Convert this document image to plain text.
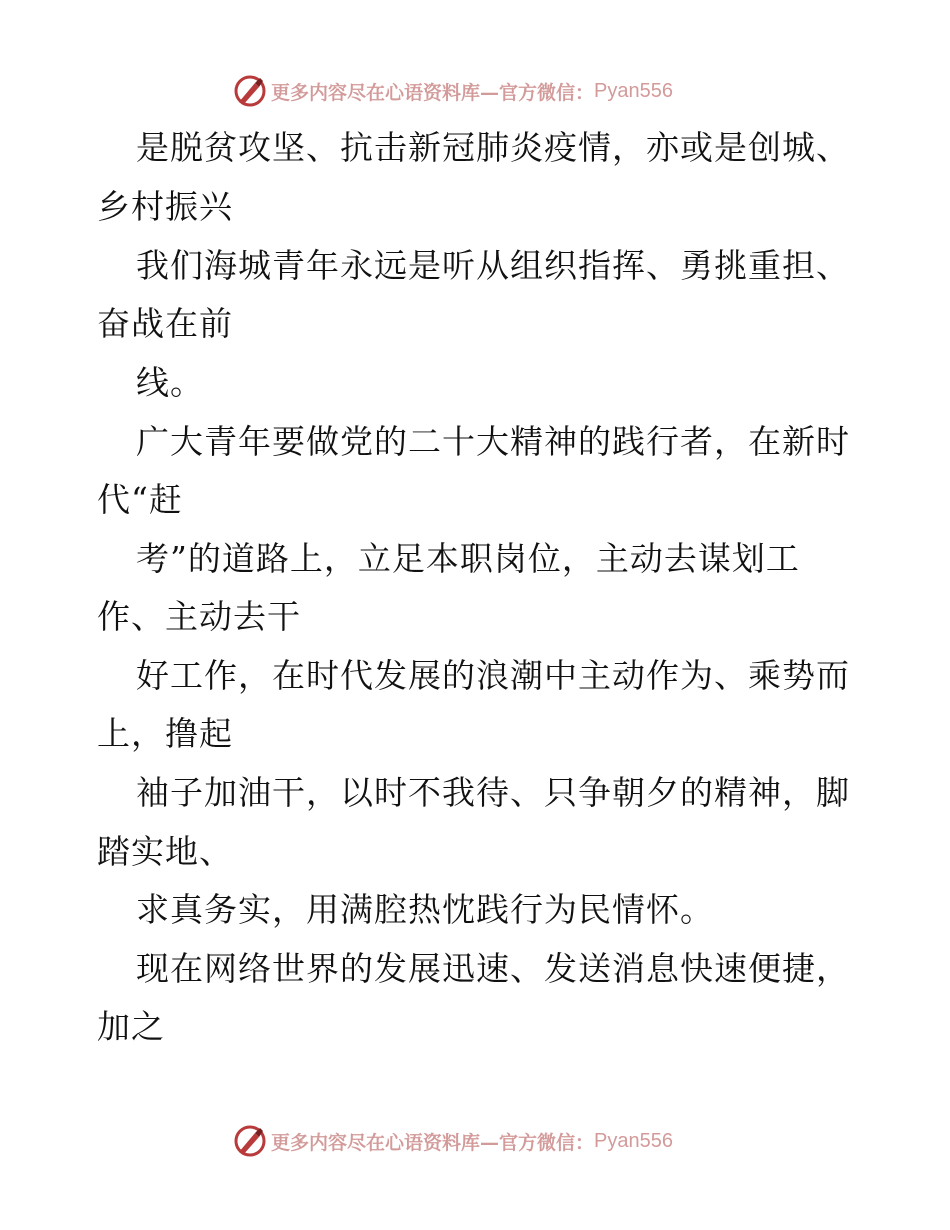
更多内容尽在心语资料库 —官方微信： Pyan556
是脱贫攻坚、抗击新冠肺炎疫情，亦或是创城、
乡村振兴
我们海城青年永远是听从组织指挥、勇挑重担、
奋战在前
线。
广大青年要做党的二十大精神的践行者，在新时
代“赶
考”的道路上，立足本职岗位，主动去谋划工
作、主动去干
好工作，在时代发展的浪潮中主动作为、乘势而
上，撸起
袖子加油干，以时不我待、只争朝夕的精神，脚
踏实地、
求真务实，用满腔热忱践行为民情怀。
现在网络世界的发展迅速、发送消息快速便捷，
加之
更多内容尽在心语资料库 —官方微信： Pyan556
